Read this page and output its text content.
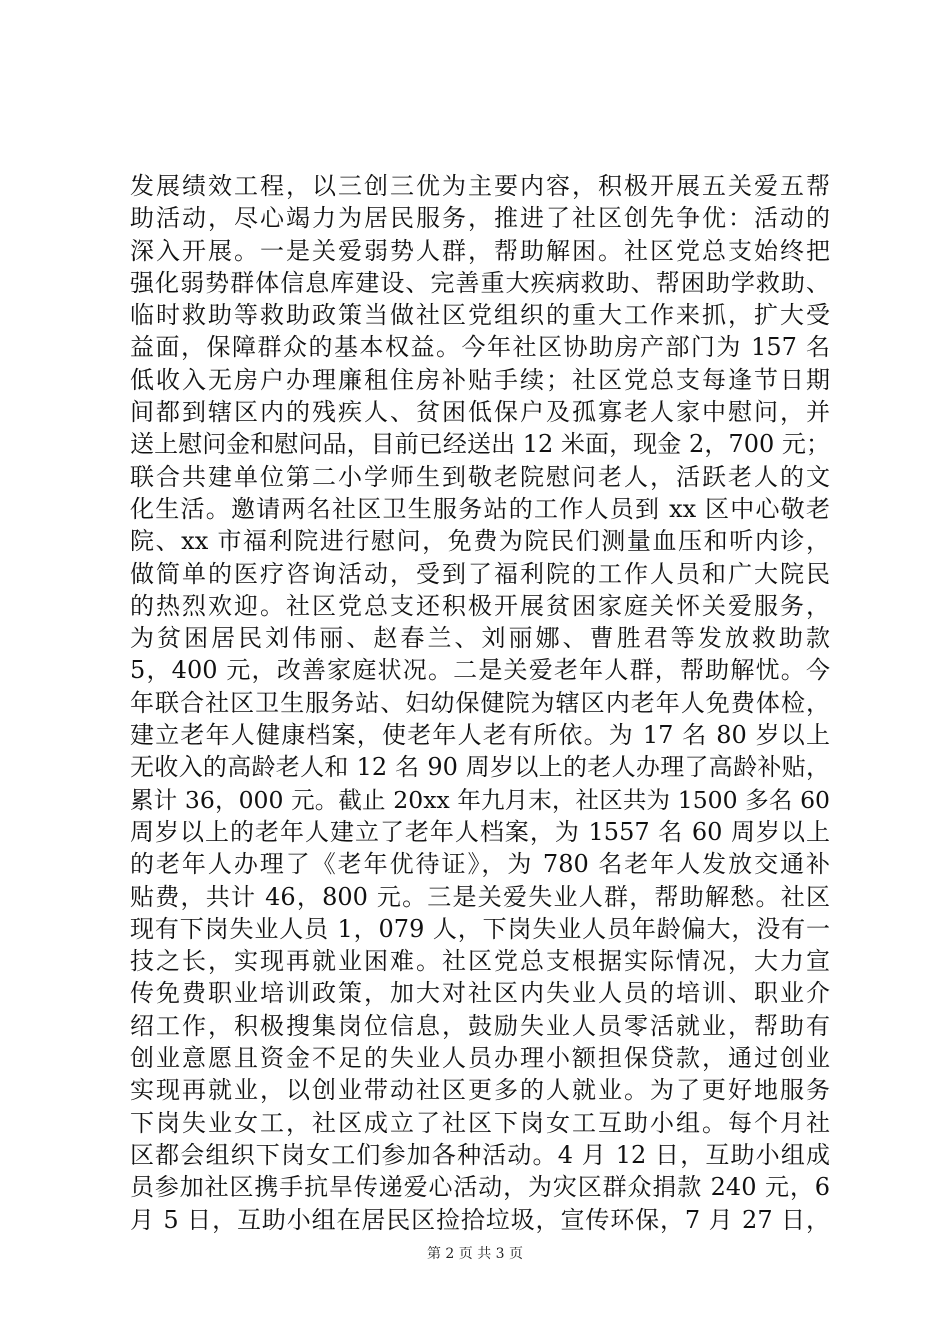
发展绩效工程，以三创三优为主要内容，积极开展五关爱五帮
助活动，尽心竭力为居民服务，推进了社区创先争优：活动的
深入开展。一是关爱弱势人群，帮助解困。社区党总支始终把
强化弱势群体信息库建设、完善重大疾病救助、帮困助学救助、
临时救助等救助政策当做社区党组织的重大工作来抓，扩大受
益面，保障群众的基本权益。今年社区协助房产部门为 157 名
低收入无房户办理廉租住房补贴手续；社区党总支每逢节日期
间都到辖区内的残疾人、贫困低保户及孤寡老人家中慰问，并
送上慰问金和慰问品，目前已经送出 12 米面，现金 2，700 元；
联合共建单位第二小学师生到敬老院慰问老人，活跃老人的文
化生活。邀请两名社区卫生服务站的工作人员到 xx 区中心敬老
院、xx 市福利院进行慰问，免费为院民们测量血压和听内诊，
做简单的医疗咨询活动，受到了福利院的工作人员和广大院民
的热烈欢迎。社区党总支还积极开展贫困家庭关怀关爱服务，
为贫困居民刘伟丽、赵春兰、刘丽娜、曹胜君等发放救助款
5，400 元，改善家庭状况。二是关爱老年人群，帮助解忧。今
年联合社区卫生服务站、妇幼保健院为辖区内老年人免费体检，
建立老年人健康档案，使老年人老有所依。为 17 名 80 岁以上
无收入的高龄老人和 12 名 90 周岁以上的老人办理了高龄补贴，
累计 36，000 元。截止 20xx 年九月末，社区共为 1500 多名 60
周岁以上的老年人建立了老年人档案，为 1557 名 60 周岁以上
的老年人办理了《老年优待证》，为 780 名老年人发放交通补
贴费，共计 46，800 元。三是关爱失业人群，帮助解愁。社区
现有下岗失业人员 1，079 人，下岗失业人员年龄偏大，没有一
技之长，实现再就业困难。社区党总支根据实际情况，大力宣
传免费职业培训政策，加大对社区内失业人员的培训、职业介
绍工作，积极搜集岗位信息，鼓励失业人员零活就业，帮助有
创业意愿且资金不足的失业人员办理小额担保贷款，通过创业
实现再就业，以创业带动社区更多的人就业。为了更好地服务
下岗失业女工，社区成立了社区下岗女工互助小组。每个月社
区都会组织下岗女工们参加各种活动。4 月 12 日，互助小组成
员参加社区携手抗旱传递爱心活动，为灾区群众捐款 240 元，6
月 5 日，互助小组在居民区捡拾垃圾，宣传环保，7 月 27 日，
第 2 页 共 3 页
